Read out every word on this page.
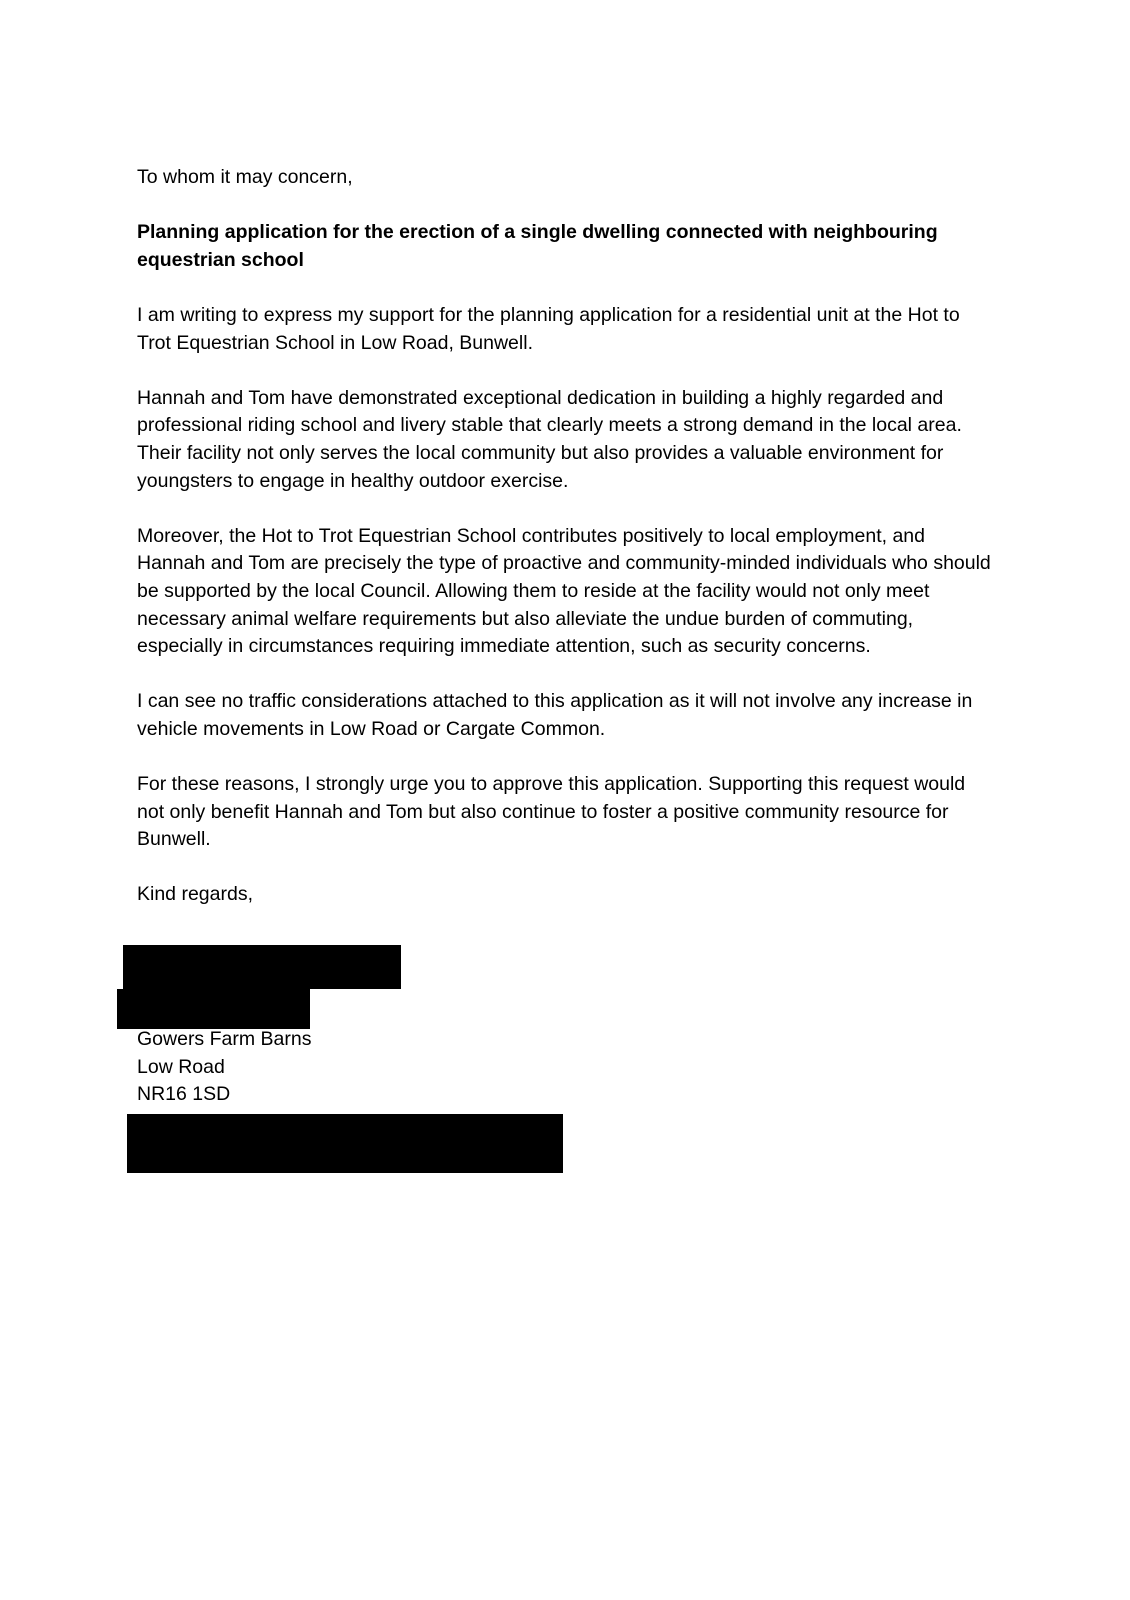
To whom it may concern,

Planning application for the erection of a single dwelling connected with neighbouring equestrian school

I am writing to express my support for the planning application for a residential unit at the Hot to Trot Equestrian School in Low Road, Bunwell.

Hannah and Tom have demonstrated exceptional dedication in building a highly regarded and professional riding school and livery stable that clearly meets a strong demand in the local area. Their facility not only serves the local community but also provides a valuable environment for youngsters to engage in healthy outdoor exercise.

Moreover, the Hot to Trot Equestrian School contributes positively to local employment, and Hannah and Tom are precisely the type of proactive and community-minded individuals who should be supported by the local Council. Allowing them to reside at the facility would not only meet necessary animal welfare requirements but also alleviate the undue burden of commuting, especially in circumstances requiring immediate attention, such as security concerns.

I can see no traffic considerations attached to this application as it will not involve any increase in vehicle movements in Low Road or Cargate Common.

For these reasons, I strongly urge you to approve this application. Supporting this request would not only benefit Hannah and Tom but also continue to foster a positive community resource for Bunwell.

Kind regards,

Gowers Farm Barns
Low Road
NR16 1SD
